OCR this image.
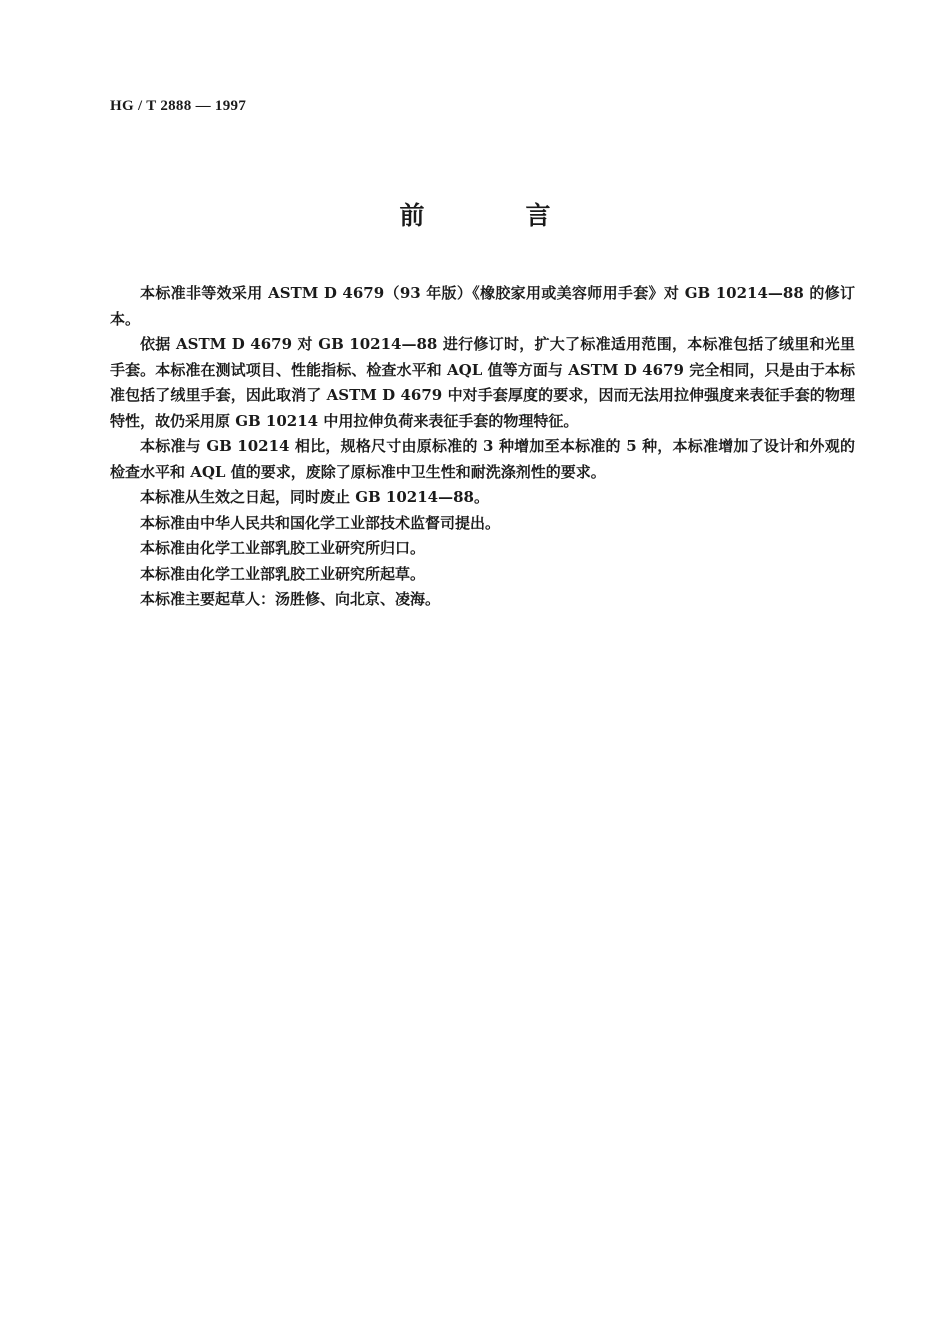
HG / T 2888 — 1997
前　言

本标准非等效采用 ASTM D 4679（93 年版）《橡胶家用或美容师用手套》对 GB 10214—88 的修订本。

依据 ASTM D 4679 对 GB 10214—88 进行修订时，扩大了标准适用范围，本标准包括了绒里和光里手套。本标准在测试项目、性能指标、检查水平和 AQL 值等方面与 ASTM D 4679 完全相同，只是由于本标准包括了绒里手套，因此取消了 ASTM D 4679 中对手套厚度的要求，因而无法用拉伸强度来表征手套的物理特性，故仍采用原 GB 10214 中用拉伸负荷来表征手套的物理特征。

本标准与 GB 10214 相比，规格尺寸由原标准的 3 种增加至本标准的 5 种，本标准增加了设计和外观的检查水平和 AQL 值的要求，废除了原标准中卫生性和耐洗涤剂性的要求。

本标准从生效之日起，同时废止 GB 10214—88。

本标准由中华人民共和国化学工业部技术监督司提出。

本标准由化学工业部乳胶工业研究所归口。

本标准由化学工业部乳胶工业研究所起草。

本标准主要起草人：汤胜修、向北京、凌海。
